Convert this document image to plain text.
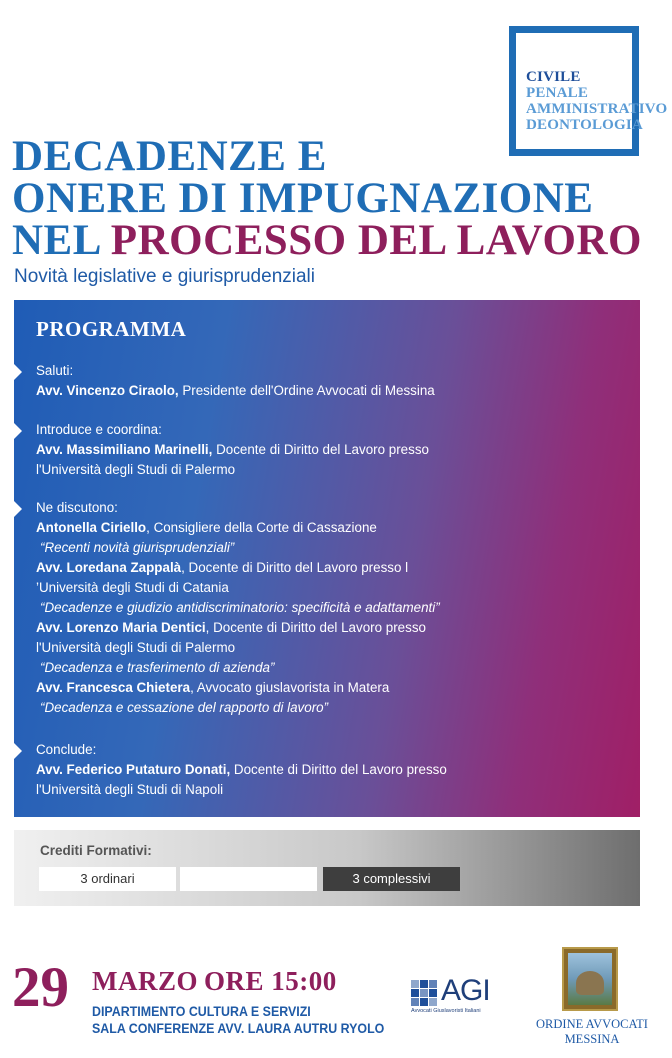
CIVILE
PENALE
AMMINISTRATIVO
DEONTOLOGIA
DECADENZE E
ONERE DI IMPUGNAZIONE
NEL PROCESSO DEL LAVORO
Novità legislative e giurisprudenziali
PROGRAMMA
Saluti:
Avv. Vincenzo Ciraolo, Presidente dell'Ordine Avvocati di Messina
Introduce e coordina:
Avv. Massimiliano Marinelli, Docente di Diritto del Lavoro presso
l'Università degli Studi di Palermo
Ne discutono:
Antonella Ciriello, Consigliere della Corte di Cassazione
“Recenti novità giurisprudenziali”
Avv. Loredana Zappalà, Docente di Diritto del Lavoro presso l
’Università degli Studi di Catania
“Decadenze e giudizio antidiscriminatorio: specificità e adattamenti”
Avv. Lorenzo Maria Dentici, Docente di Diritto del Lavoro presso
l'Università degli Studi di Palermo
“Decadenza e trasferimento di azienda”
Avv. Francesca Chietera, Avvocato giuslavorista in Matera
“Decadenza e cessazione del rapporto di lavoro”
Conclude:
Avv. Federico Putaturo Donati, Docente di Diritto del Lavoro presso
l'Università degli Studi di Napoli
Crediti Formativi:
3 ordinari	3 complessivi
29 MARZO ORE 15:00
DIPARTIMENTO CULTURA E SERVIZI
SALA CONFERENZE AVV. LAURA AUTRU RYOLO
AGI
Avvocati Giuslavoristi Italiani
ORDINE AVVOCATI
MESSINA
